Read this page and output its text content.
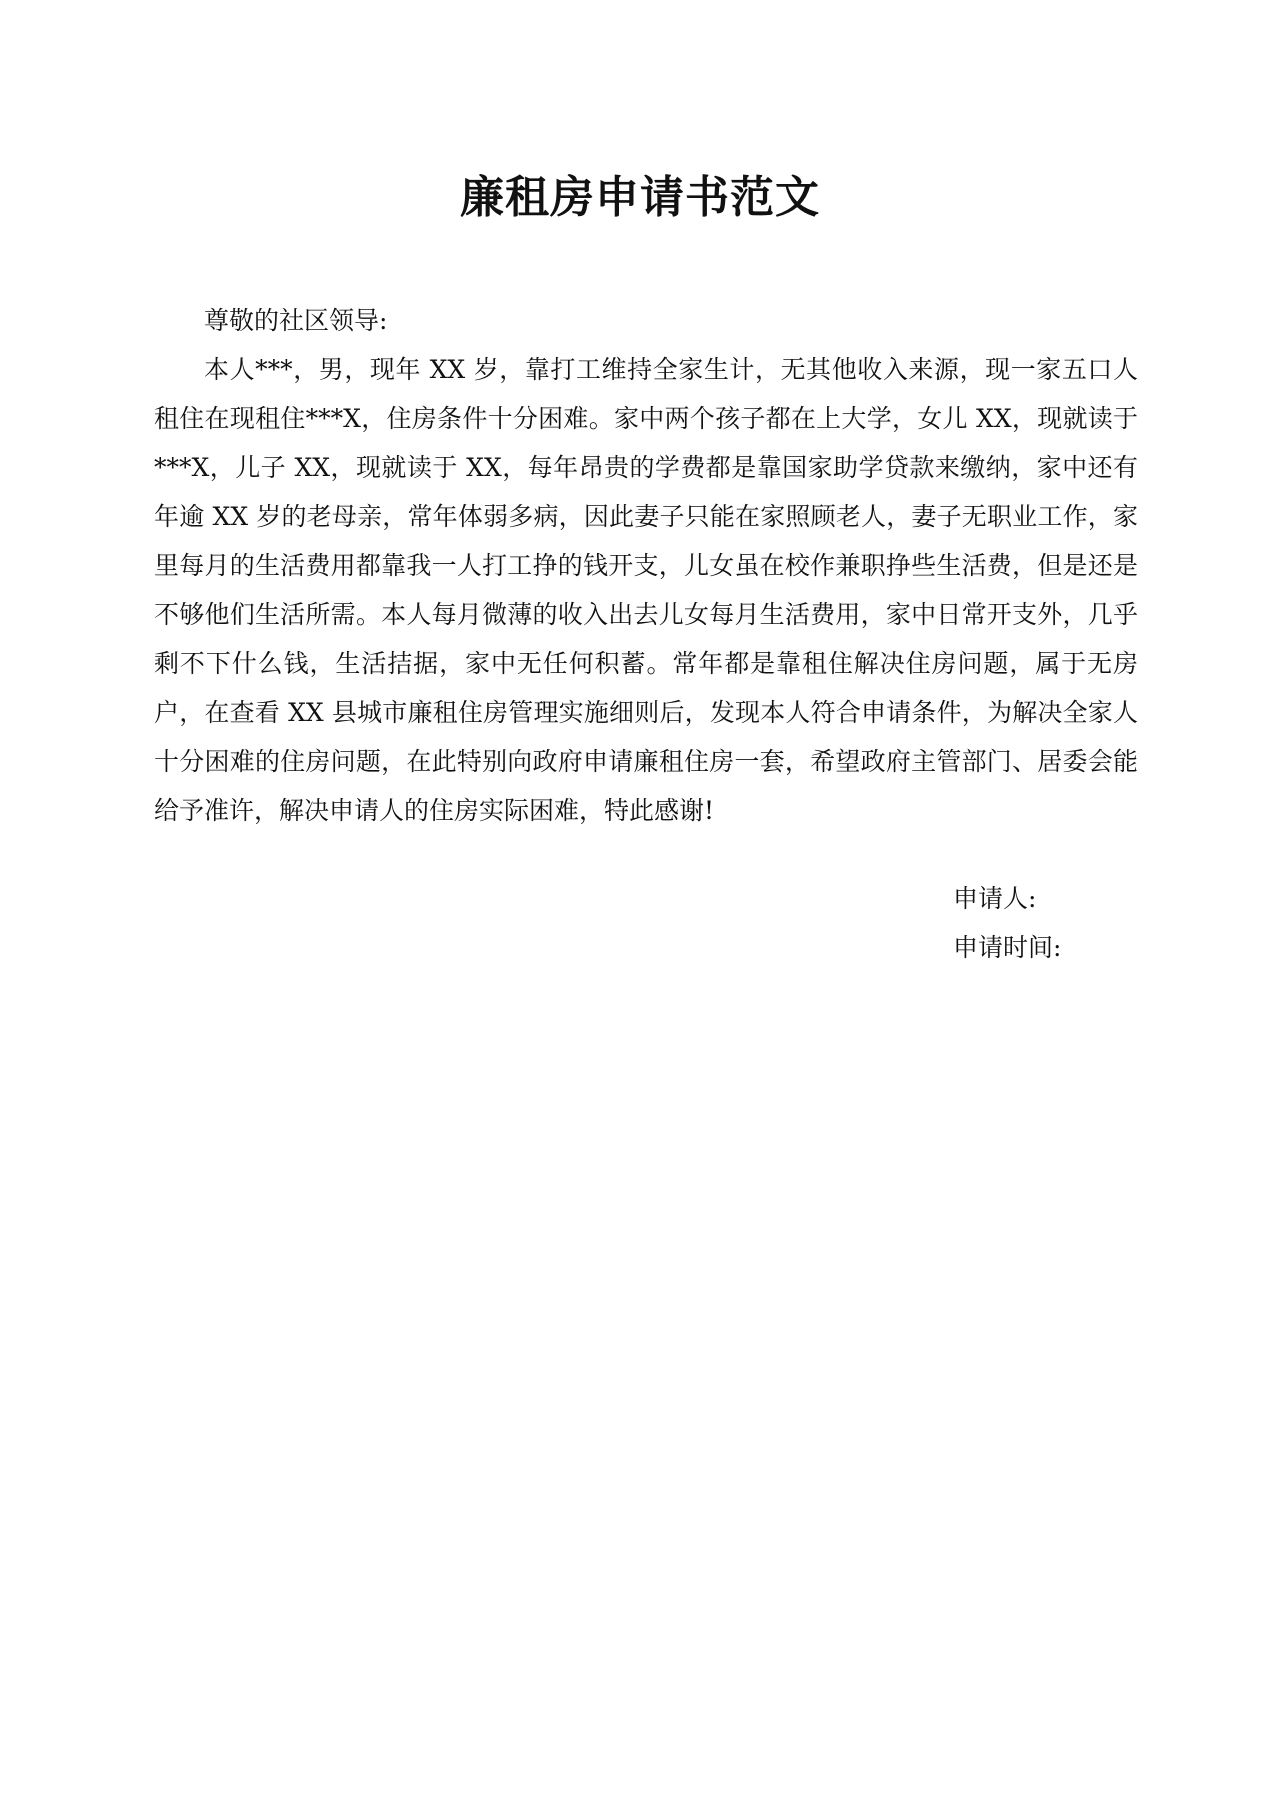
廉租房申请书范文

尊敬的社区领导:

本人***，男，现年 XX 岁，靠打工维持全家生计，无其他收入来源，现一家五口人租住在现租住***X，住房条件十分困难。家中两个孩子都在上大学，女儿 XX，现就读于***X，儿子 XX，现就读于 XX，每年昂贵的学费都是靠国家助学贷款来缴纳，家中还有年逾 XX 岁的老母亲，常年体弱多病，因此妻子只能在家照顾老人，妻子无职业工作，家里每月的生活费用都靠我一人打工挣的钱开支，儿女虽在校作兼职挣些生活费，但是还是不够他们生活所需。本人每月微薄的收入出去儿女每月生活费用，家中日常开支外，几乎剩不下什么钱，生活拮据，家中无任何积蓄。常年都是靠租住解决住房问题，属于无房户，在查看 XX 县城市廉租住房管理实施细则后，发现本人符合申请条件，为解决全家人十分困难的住房问题，在此特别向政府申请廉租住房一套，希望政府主管部门、居委会能给予准许，解决申请人的住房实际困难，特此感谢!

申请人:
申请时间:
